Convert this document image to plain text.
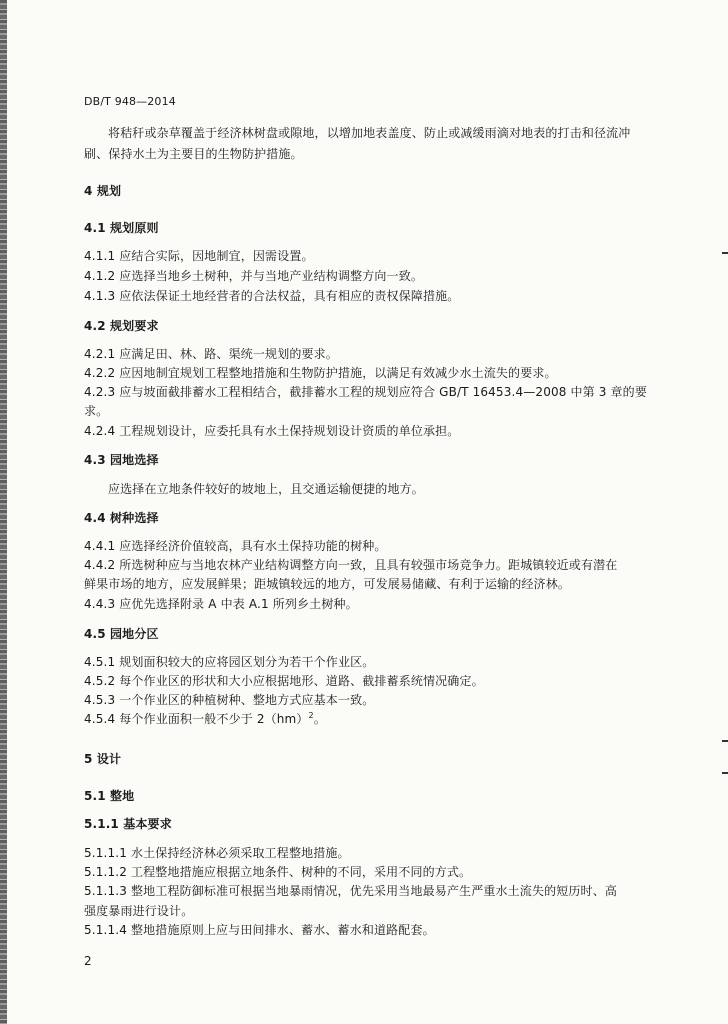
DB/T 948—2014
将秸秆或杂草覆盖于经济林树盘或隙地，以增加地表盖度、防止或减缓雨滴对地表的打击和径流冲
刷、保持水土为主要目的生物防护措施。
4 规划
4.1 规划原则
4.1.1 应结合实际，因地制宜，因需设置。
4.1.2 应选择当地乡土树种，并与当地产业结构调整方向一致。
4.1.3 应依法保证土地经营者的合法权益，具有相应的责权保障措施。
4.2 规划要求
4.2.1 应满足田、林、路、渠统一规划的要求。
4.2.2 应因地制宜规划工程整地措施和生物防护措施，以满足有效减少水土流失的要求。
4.2.3 应与坡面截排蓄水工程相结合，截排蓄水工程的规划应符合 GB/T 16453.4—2008 中第 3 章的要
求。
4.2.4 工程规划设计，应委托具有水土保持规划设计资质的单位承担。
4.3 园地选择
应选择在立地条件较好的坡地上，且交通运输便捷的地方。
4.4 树种选择
4.4.1 应选择经济价值较高，具有水土保持功能的树种。
4.4.2 所选树种应与当地农林产业结构调整方向一致，且具有较强市场竞争力。距城镇较近或有潜在
鲜果市场的地方，应发展鲜果；距城镇较远的地方，可发展易储藏、有利于运输的经济林。
4.4.3 应优先选择附录 A 中表 A.1 所列乡土树种。
4.5 园地分区
4.5.1 规划面积较大的应将园区划分为若干个作业区。
4.5.2 每个作业区的形状和大小应根据地形、道路、截排蓄系统情况确定。
4.5.3 一个作业区的种植树种、整地方式应基本一致。
4.5.4 每个作业面积一般不少于 2（hm）$^2$。
5 设计
5.1 整地
5.1.1 基本要求
5.1.1.1 水土保持经济林必须采取工程整地措施。
5.1.1.2 工程整地措施应根据立地条件、树种的不同，采用不同的方式。
5.1.1.3 整地工程防御标准可根据当地暴雨情况，优先采用当地最易产生严重水土流失的短历时、高
强度暴雨进行设计。
5.1.1.4 整地措施原则上应与田间排水、蓄水、蓄水和道路配套。
2
